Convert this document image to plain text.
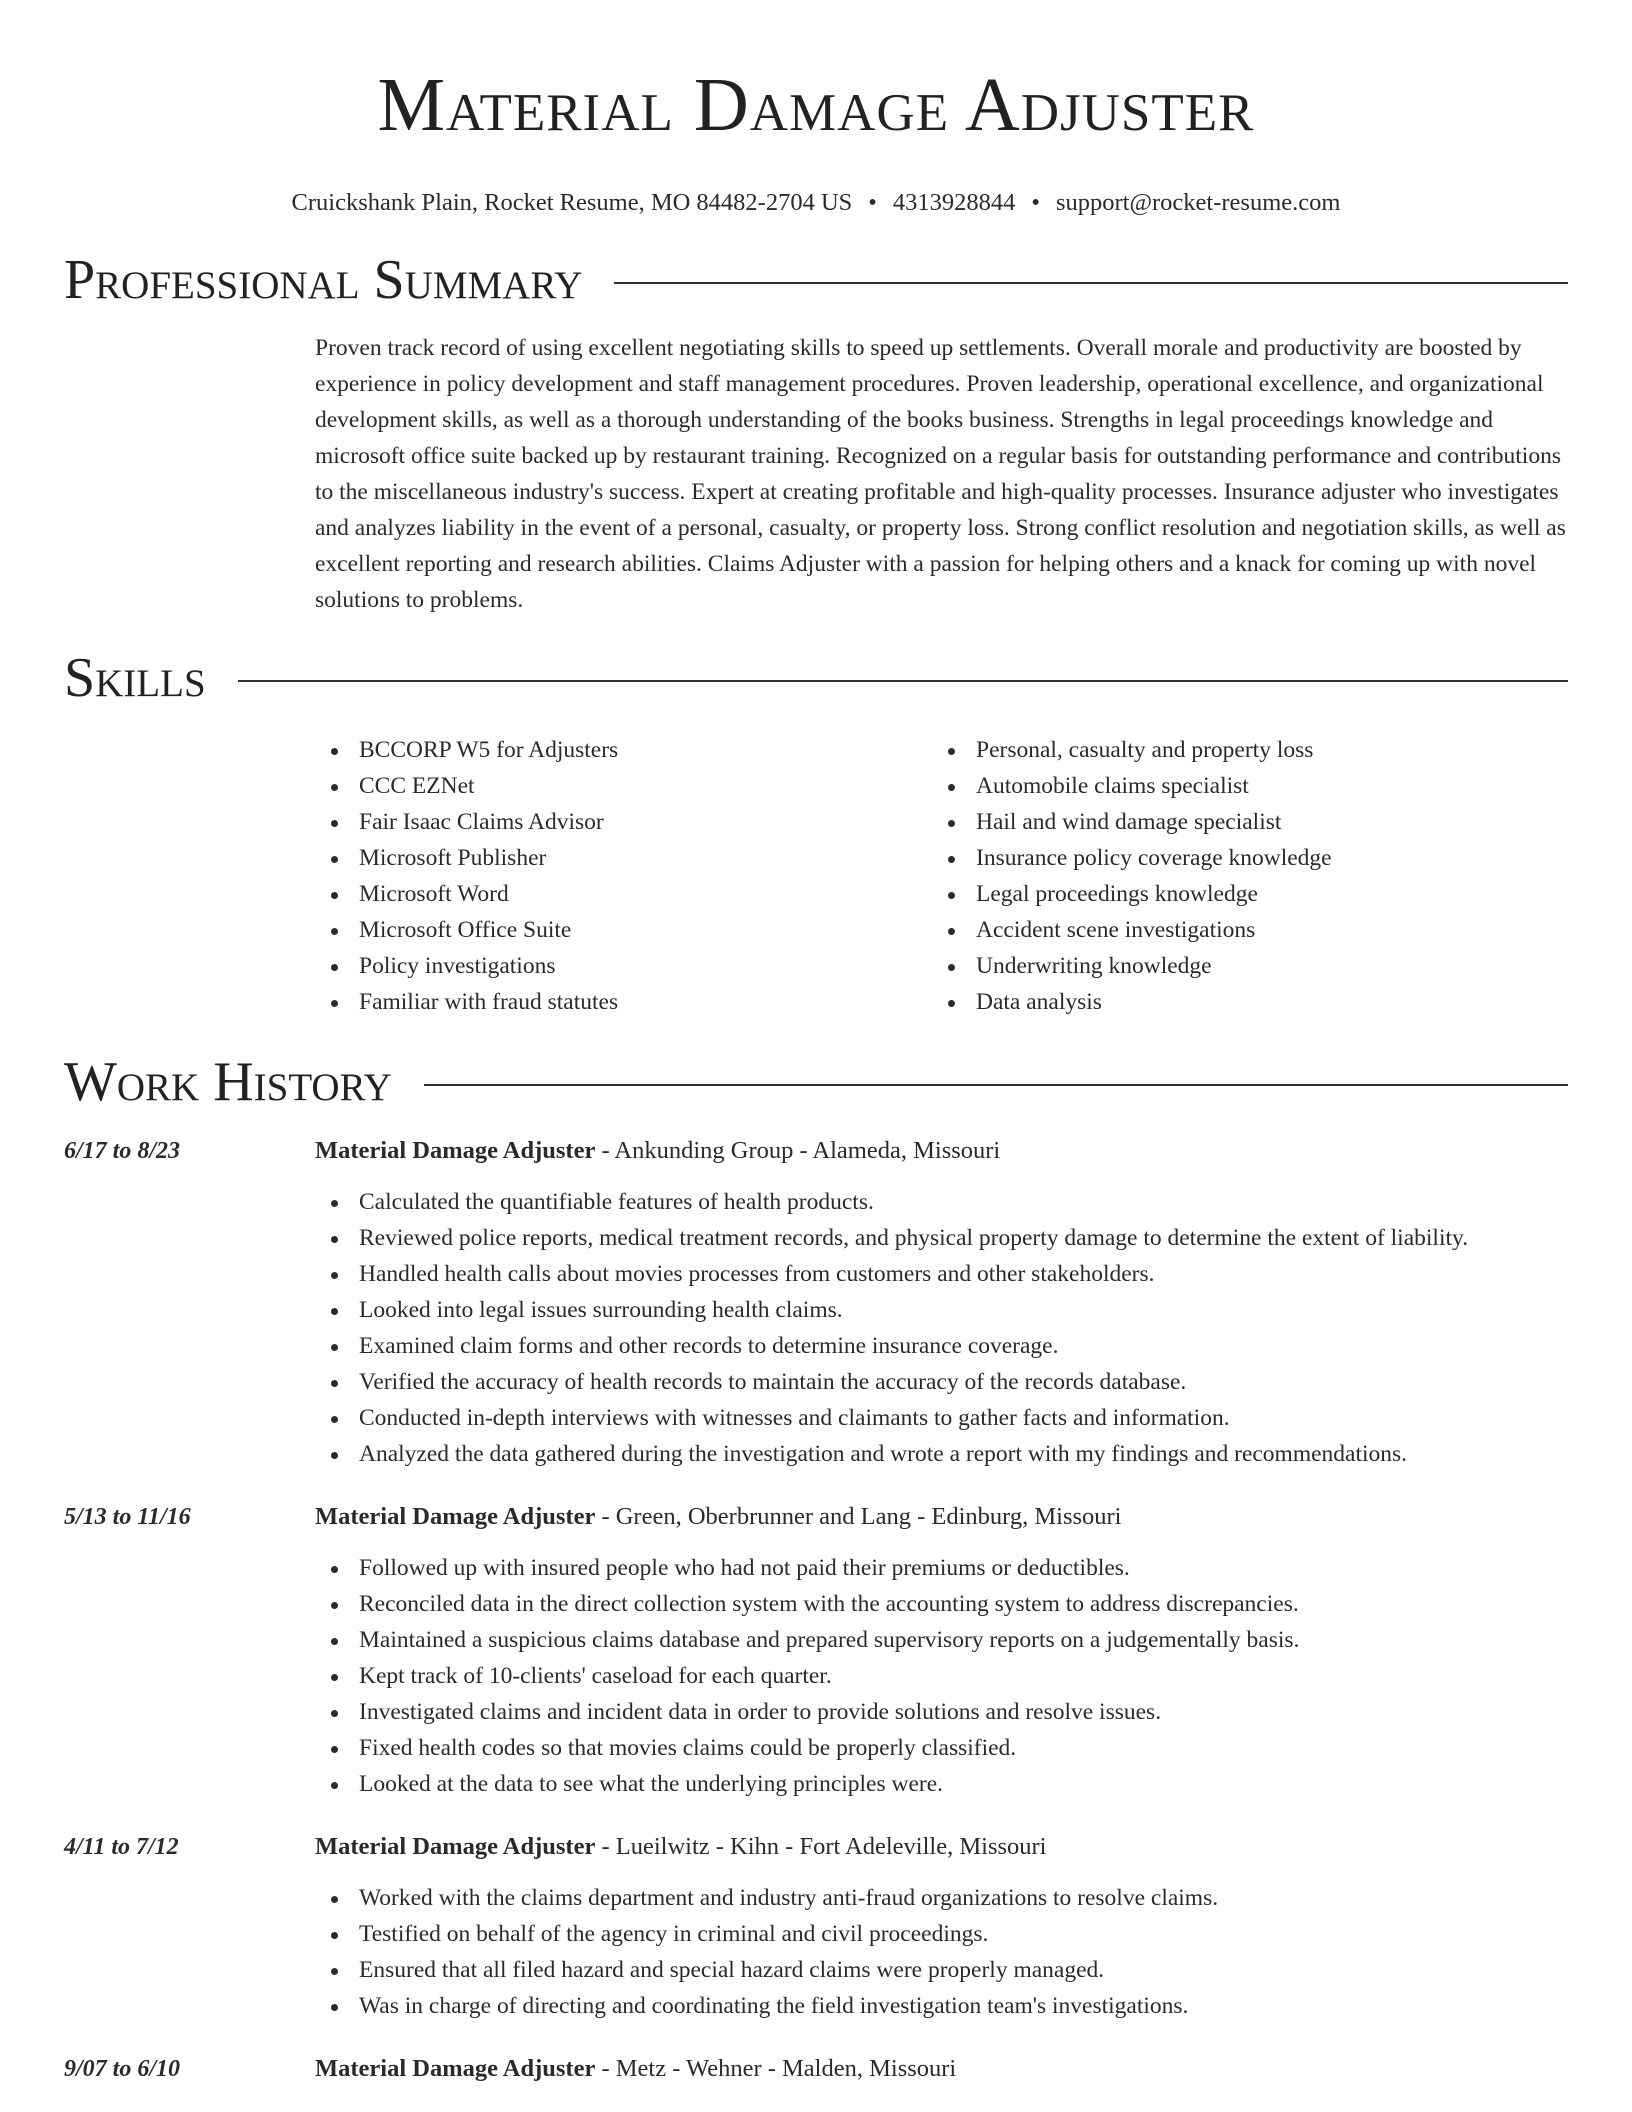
Material Damage Adjuster
Cruickshank Plain, Rocket Resume, MO 84482-2704 US • 4313928844 • support@rocket-resume.com
Professional Summary

Proven track record of using excellent negotiating skills to speed up settlements. Overall morale and productivity are boosted by experience in policy development and staff management procedures. Proven leadership, operational excellence, and organizational development skills, as well as a thorough understanding of the books business. Strengths in legal proceedings knowledge and microsoft office suite backed up by restaurant training. Recognized on a regular basis for outstanding performance and contributions to the miscellaneous industry's success. Expert at creating profitable and high-quality processes. Insurance adjuster who investigates and analyzes liability in the event of a personal, casualty, or property loss. Strong conflict resolution and negotiation skills, as well as excellent reporting and research abilities. Claims Adjuster with a passion for helping others and a knack for coming up with novel solutions to problems.

Skills
BCCORP W5 for Adjusters
CCC EZNet
Fair Isaac Claims Advisor
Microsoft Publisher
Microsoft Word
Microsoft Office Suite
Policy investigations
Familiar with fraud statutes
Personal, casualty and property loss
Automobile claims specialist
Hail and wind damage specialist
Insurance policy coverage knowledge
Legal proceedings knowledge
Accident scene investigations
Underwriting knowledge
Data analysis
Work History
6/17 to 8/23	Material Damage Adjuster - Ankunding Group - Alameda, Missouri
Calculated the quantifiable features of health products.
Reviewed police reports, medical treatment records, and physical property damage to determine the extent of liability.
Handled health calls about movies processes from customers and other stakeholders.
Looked into legal issues surrounding health claims.
Examined claim forms and other records to determine insurance coverage.
Verified the accuracy of health records to maintain the accuracy of the records database.
Conducted in-depth interviews with witnesses and claimants to gather facts and information.
Analyzed the data gathered during the investigation and wrote a report with my findings and recommendations.
5/13 to 11/16	Material Damage Adjuster - Green, Oberbrunner and Lang - Edinburg, Missouri
Followed up with insured people who had not paid their premiums or deductibles.
Reconciled data in the direct collection system with the accounting system to address discrepancies.
Maintained a suspicious claims database and prepared supervisory reports on a judgementally basis.
Kept track of 10-clients' caseload for each quarter.
Investigated claims and incident data in order to provide solutions and resolve issues.
Fixed health codes so that movies claims could be properly classified.
Looked at the data to see what the underlying principles were.
4/11 to 7/12	Material Damage Adjuster - Lueilwitz - Kihn - Fort Adeleville, Missouri
Worked with the claims department and industry anti-fraud organizations to resolve claims.
Testified on behalf of the agency in criminal and civil proceedings.
Ensured that all filed hazard and special hazard claims were properly managed.
Was in charge of directing and coordinating the field investigation team's investigations.
9/07 to 6/10	Material Damage Adjuster - Metz - Wehner - Malden, Missouri
